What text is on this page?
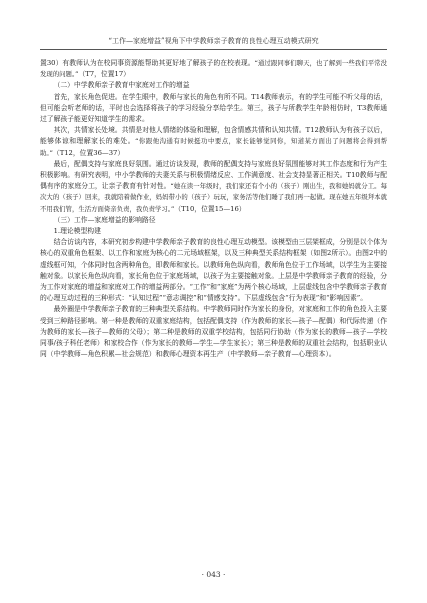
“工作—家庭增益”视角下中学教师亲子教育的良性心理互动模式研究

置30）有教师认为在校同事资源能帮助其更好地了解孩子的在校表现。“通过跟同事们聊天，也了解到一些我们平常没发现的问题。”（T7，位置17）

（二）中学教师亲子教育中家庭对工作的增益

首先，家长角色促进。在学生眼中，教师与家长的角色有所不同。T14教师表示，有的学生可能不听父母的话，但可能会听老师的话，平时也会选择将孩子的学习经验分享给学生。第三，孩子与所教学生年龄相仿时，T3教师通过了解孩子能更好知道学生的需求。

其次，共情家长处境。共情是对他人情绪的体验和理解，包含情感共情和认知共情。T12教师认为有孩子以后，能够体谅和理解家长的难处。“你跟他沟通有时候挺功中要点，家长能够觉同你，知道某方面出了问题将会得到帮助。”（T12，位置36—37）

最后，配偶支持与家庭良好氛围。通过访谈发现，教师的配偶支持与家庭良好氛围能够对其工作态度和行为产生积极影响。有研究表明，中小学教师的夫妻关系与积极情绪反应、工作满意度、社会支持显著正相关。T10教师与配偶有序的家庭分工，让亲子教育有针对性。“她在读一年级时，我们家还有个小的（孩子）刚出生，我和她妈就分工。每次大的（孩子）回来，我就陪着做作业，妈妈带小的（孩子）玩玩，家务活等他们睡了我们再一起做。现在她五年级拜本就不用我们管，生活方面倚亲负责，我负责学习。”（T10，位置15—16）

（三）工作—家庭增益的影响路径

1.理论模型构建

结合访谈内容，本研究初步构建中学教师亲子教育的良性心理互动模型。该模型由三层架框成，分别是以个体为核心的双重角色框架、以工作和家庭为核心的二元场域框架，以及三种典型关系结构框架（如图2所示）。由图2中的虚线框可知，个体同时包含两种角色，即教师和家长。以教师角色纵向看，教师角色位于工作场域，以学生为主要接触对象。以家长角色纵向看，家长角色位于家庭场域，以孩子为主要接触对象。上层是中学教师亲子教育的经验，分为工作对家庭的增益和家庭对工作的增益两部分。“工作”和“家庭”为两个核心场域，上层虚线包含中学教师亲子教育的心理互动过程的三种形式：“认知过程”“意志调控”和“情感支持”。下层虚线包含“行为表现”和“影响因素”。

最外圈是中学教师亲子教育的三种典型关系结构。中学教师同时作为家长的身份，对家庭和工作的角色投入主要受到三种路径影响。第一种是教师的双重家庭结构，包括配偶支持（作为教师的家长—孩子—配偶）和代际传递（作为教师的家长—孩子—教师的父母）；第二种是教师的双重学校结构，包括同行协助（作为家长的教师—孩子—学校同事/孩子科任老师）和家校合作（作为家长的教师—学生—学生家长）；第三种是教师的双重社会结构，包括职业认同（中学教师—角色积累—社会规范）和教师心理资本再生产（中学教师—亲子教育—心理资本）。

· 043 ·
